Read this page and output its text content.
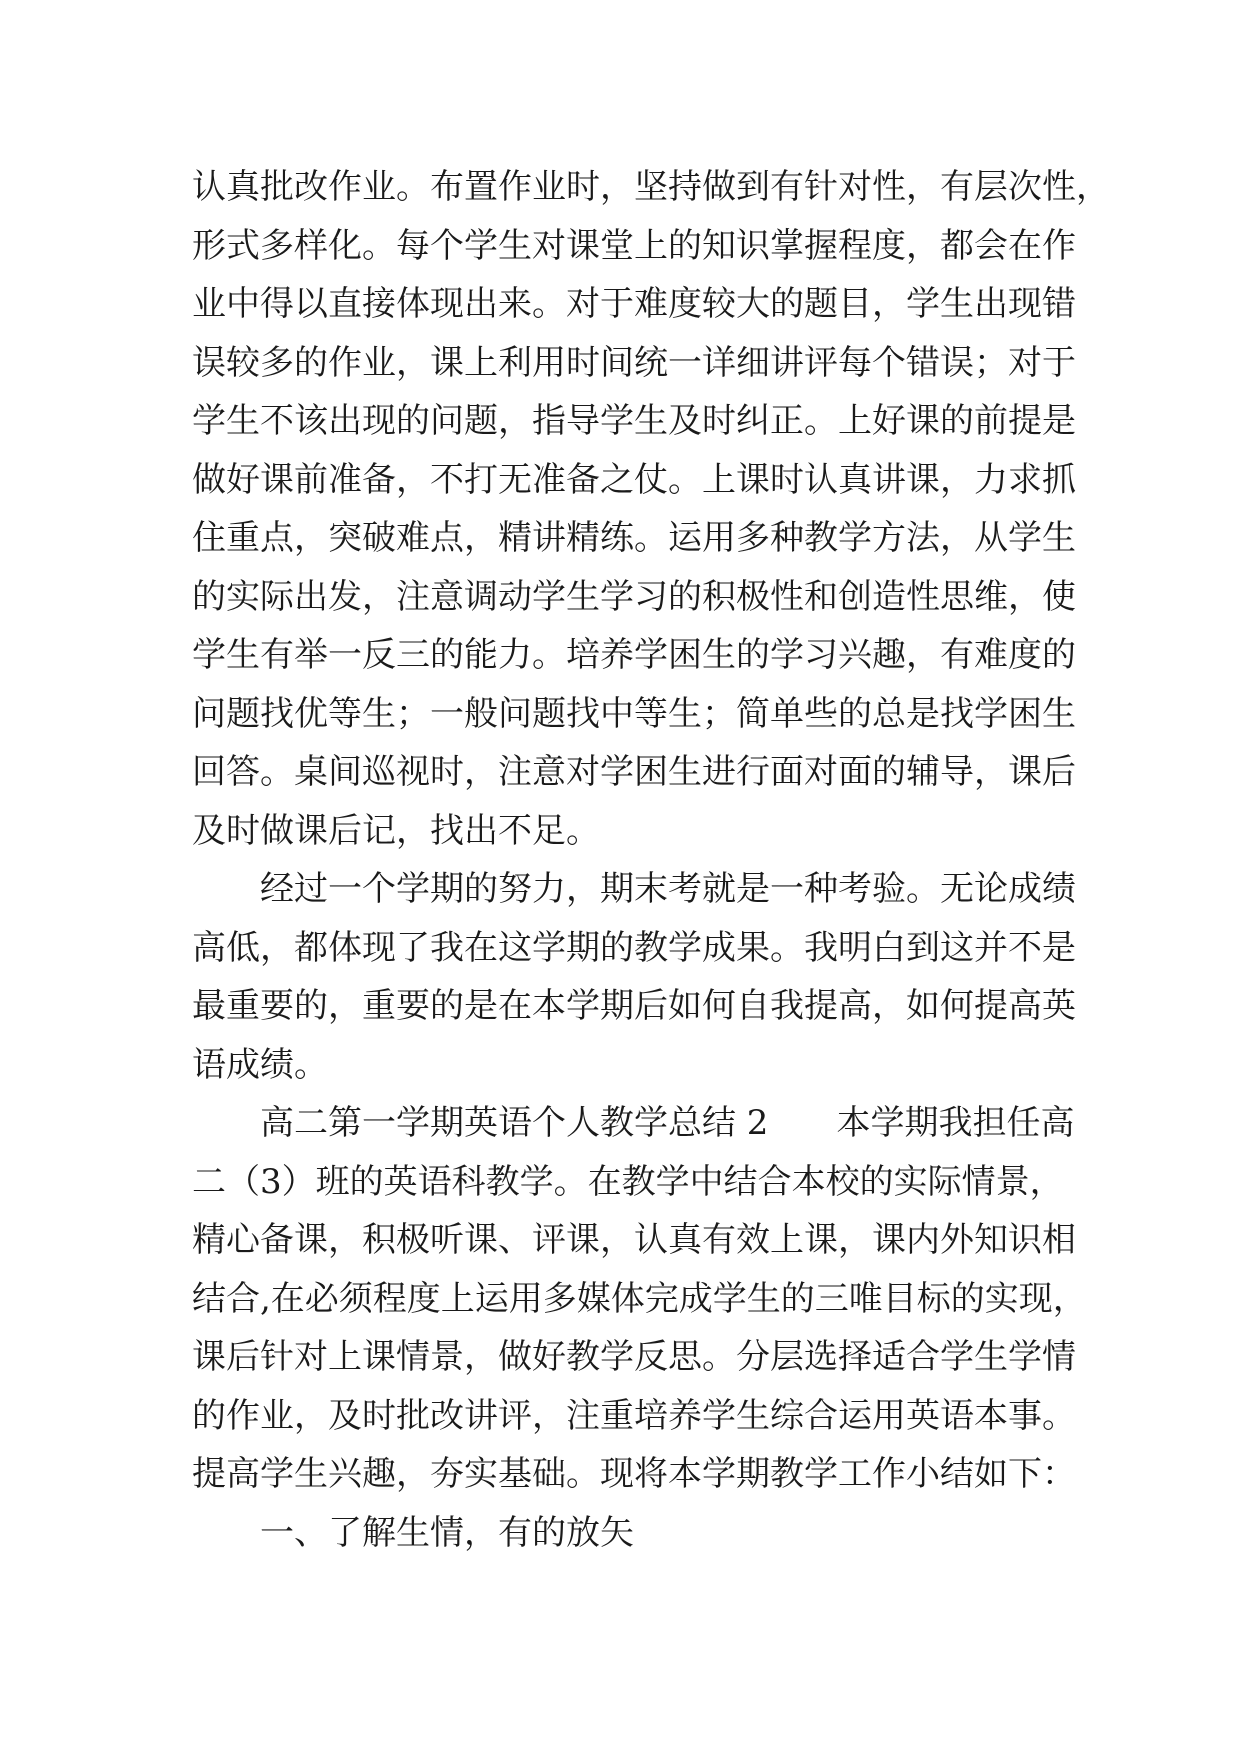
认真批改作业。布置作业时，坚持做到有针对性，有层次性，
形式多样化。每个学生对课堂上的知识掌握程度，都会在作
业中得以直接体现出来。对于难度较大的题目，学生出现错
误较多的作业，课上利用时间统一详细讲评每个错误；对于
学生不该出现的问题，指导学生及时纠正。上好课的前提是
做好课前准备，不打无准备之仗。上课时认真讲课，力求抓
住重点，突破难点，精讲精练。运用多种教学方法，从学生
的实际出发，注意调动学生学习的积极性和创造性思维，使
学生有举一反三的能力。培养学困生的学习兴趣，有难度的
问题找优等生；一般问题找中等生；简单些的总是找学困生
回答。桌间巡视时，注意对学困生进行面对面的辅导，课后
及时做课后记，找出不足。
经过一个学期的努力，期末考就是一种考验。无论成绩
高低，都体现了我在这学期的教学成果。我明白到这并不是
最重要的，重要的是在本学期后如何自我提高，如何提高英
语成绩。
高二第一学期英语个人教学总结 2 本学期我担任高
二（3）班的英语科教学。在教学中结合本校的实际情景，
精心备课，积极听课、评课，认真有效上课，课内外知识相
结合,在必须程度上运用多媒体完成学生的三唯目标的实现，
课后针对上课情景，做好教学反思。分层选择适合学生学情
的作业，及时批改讲评，注重培养学生综合运用英语本事。
提高学生兴趣，夯实基础。现将本学期教学工作小结如下：
一、了解生情，有的放矢
